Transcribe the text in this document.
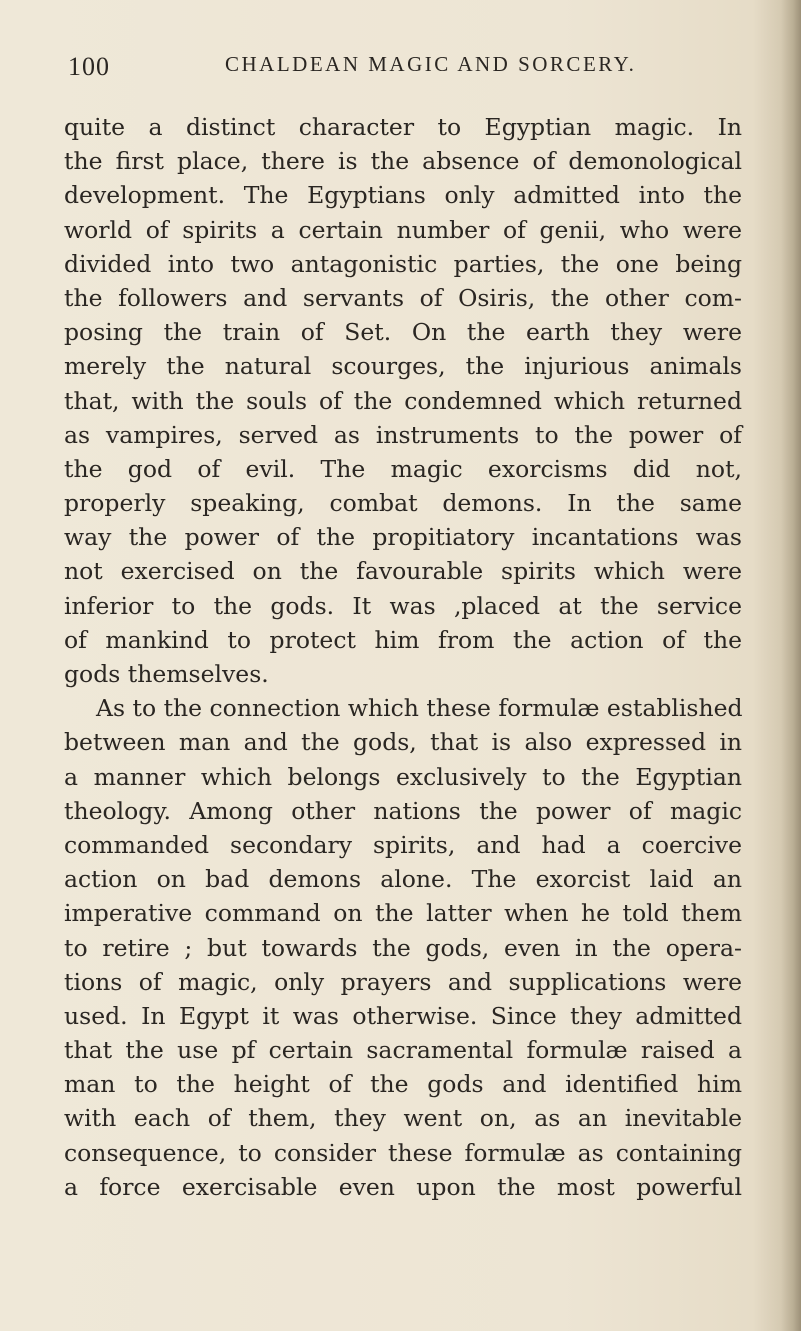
100	CHALDEAN MAGIC AND SORCERY.
quite a distinct character to Egyptian magic. In
the first place, there is the absence of demonological
development. The Egyptians only admitted into the
world of spirits a certain number of genii, who were
divided into two antagonistic parties, the one being
the followers and servants of Osiris, the other com-
posing the train of Set. On the earth they were
merely the natural scourges, the injurious animals
that, with the souls of the condemned which returned
as vampires, served as instruments to the power of
the god of evil. The magic exorcisms did not,
properly speaking, combat demons. In the same
way the power of the propitiatory incantations was
not exercised on the favourable spirits which were
inferior to the gods. It was ,placed at the service
of mankind to protect him from the action of the
gods themselves.
As to the connection which these formulæ established
between man and the gods, that is also expressed in
a manner which belongs exclusively to the Egyptian
theology. Among other nations the power of magic
commanded secondary spirits, and had a coercive
action on bad demons alone. The exorcist laid an
imperative command on the latter when he told them
to retire ; but towards the gods, even in the opera-
tions of magic, only prayers and supplications were
used. In Egypt it was otherwise. Since they admitted
that the use pf certain sacramental formulæ raised a
man to the height of the gods and identified him
with each of them, they went on, as an inevitable
consequence, to consider these formulæ as containing
a force exercisable even upon the most powerful
